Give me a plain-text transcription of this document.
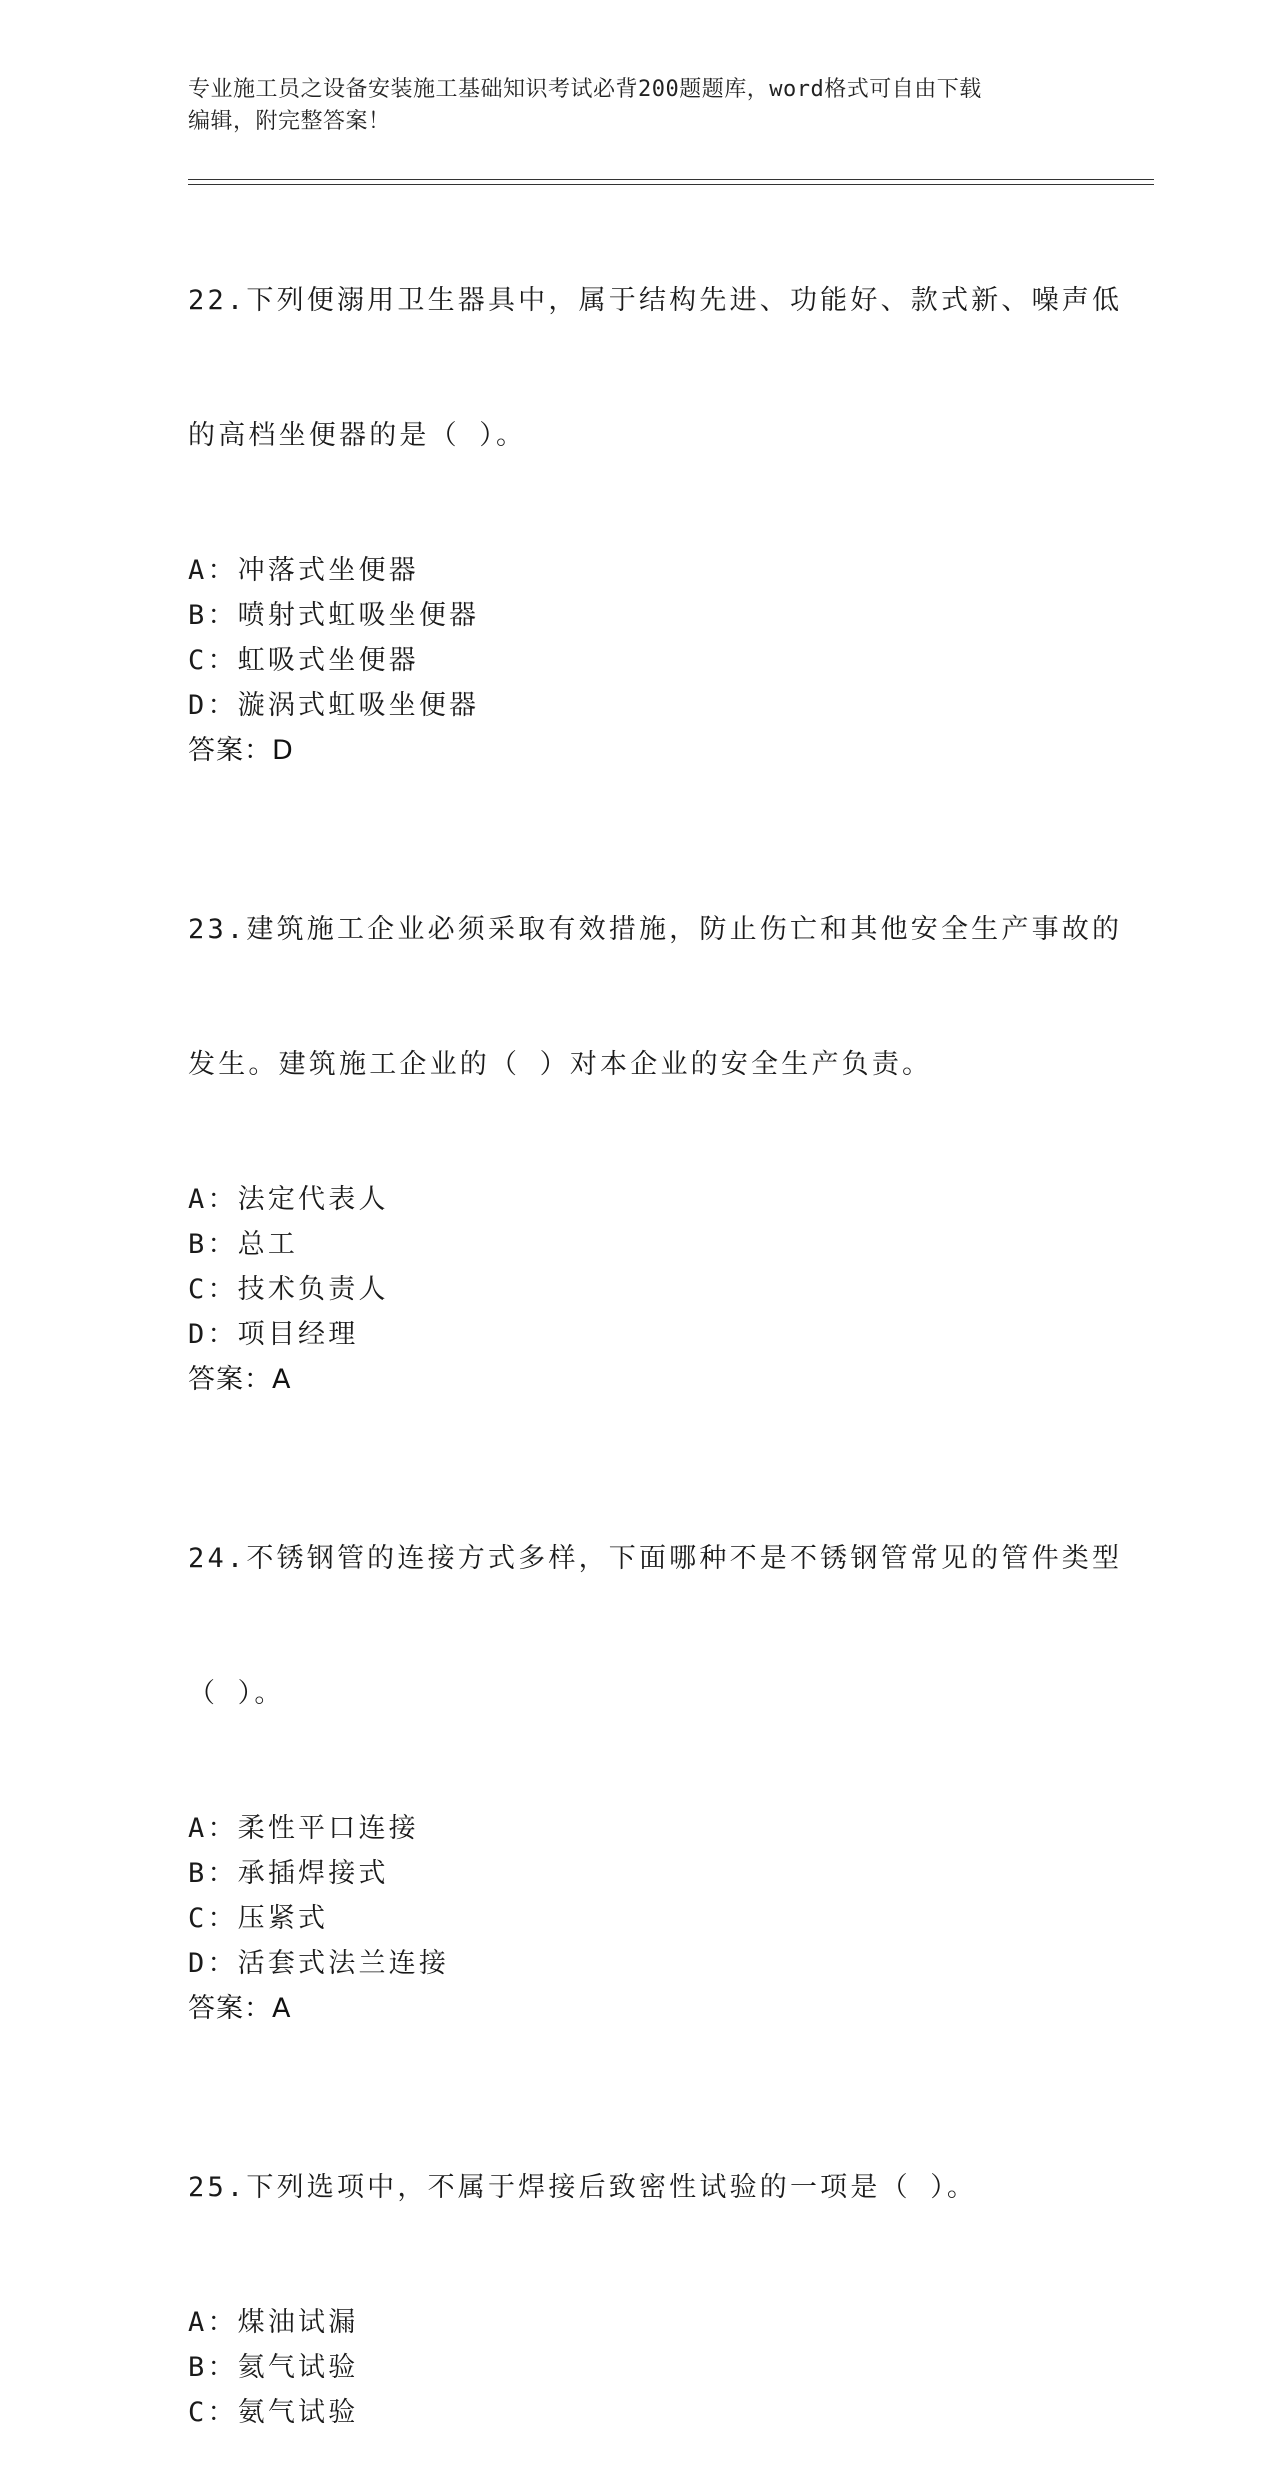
专业施工员之设备安装施工基础知识考试必背200题题库，word格式可自由下载
编辑，附完整答案！

22.下列便溺用卫生器具中，属于结构先进、功能好、款式新、噪声低

的高档坐便器的是（ ）。

A：冲落式坐便器
B：喷射式虹吸坐便器
C：虹吸式坐便器
D：漩涡式虹吸坐便器
答案：D

23.建筑施工企业必须采取有效措施，防止伤亡和其他安全生产事故的

发生。建筑施工企业的（ ）对本企业的安全生产负责。

A：法定代表人
B：总工
C：技术负责人
D：项目经理
答案：A

24.不锈钢管的连接方式多样，下面哪种不是不锈钢管常见的管件类型

（ ）。

A：柔性平口连接
B：承插焊接式
C：压紧式
D：活套式法兰连接
答案：A

25.下列选项中，不属于焊接后致密性试验的一项是（ ）。

A：煤油试漏
B：氦气试验
C：氨气试验
